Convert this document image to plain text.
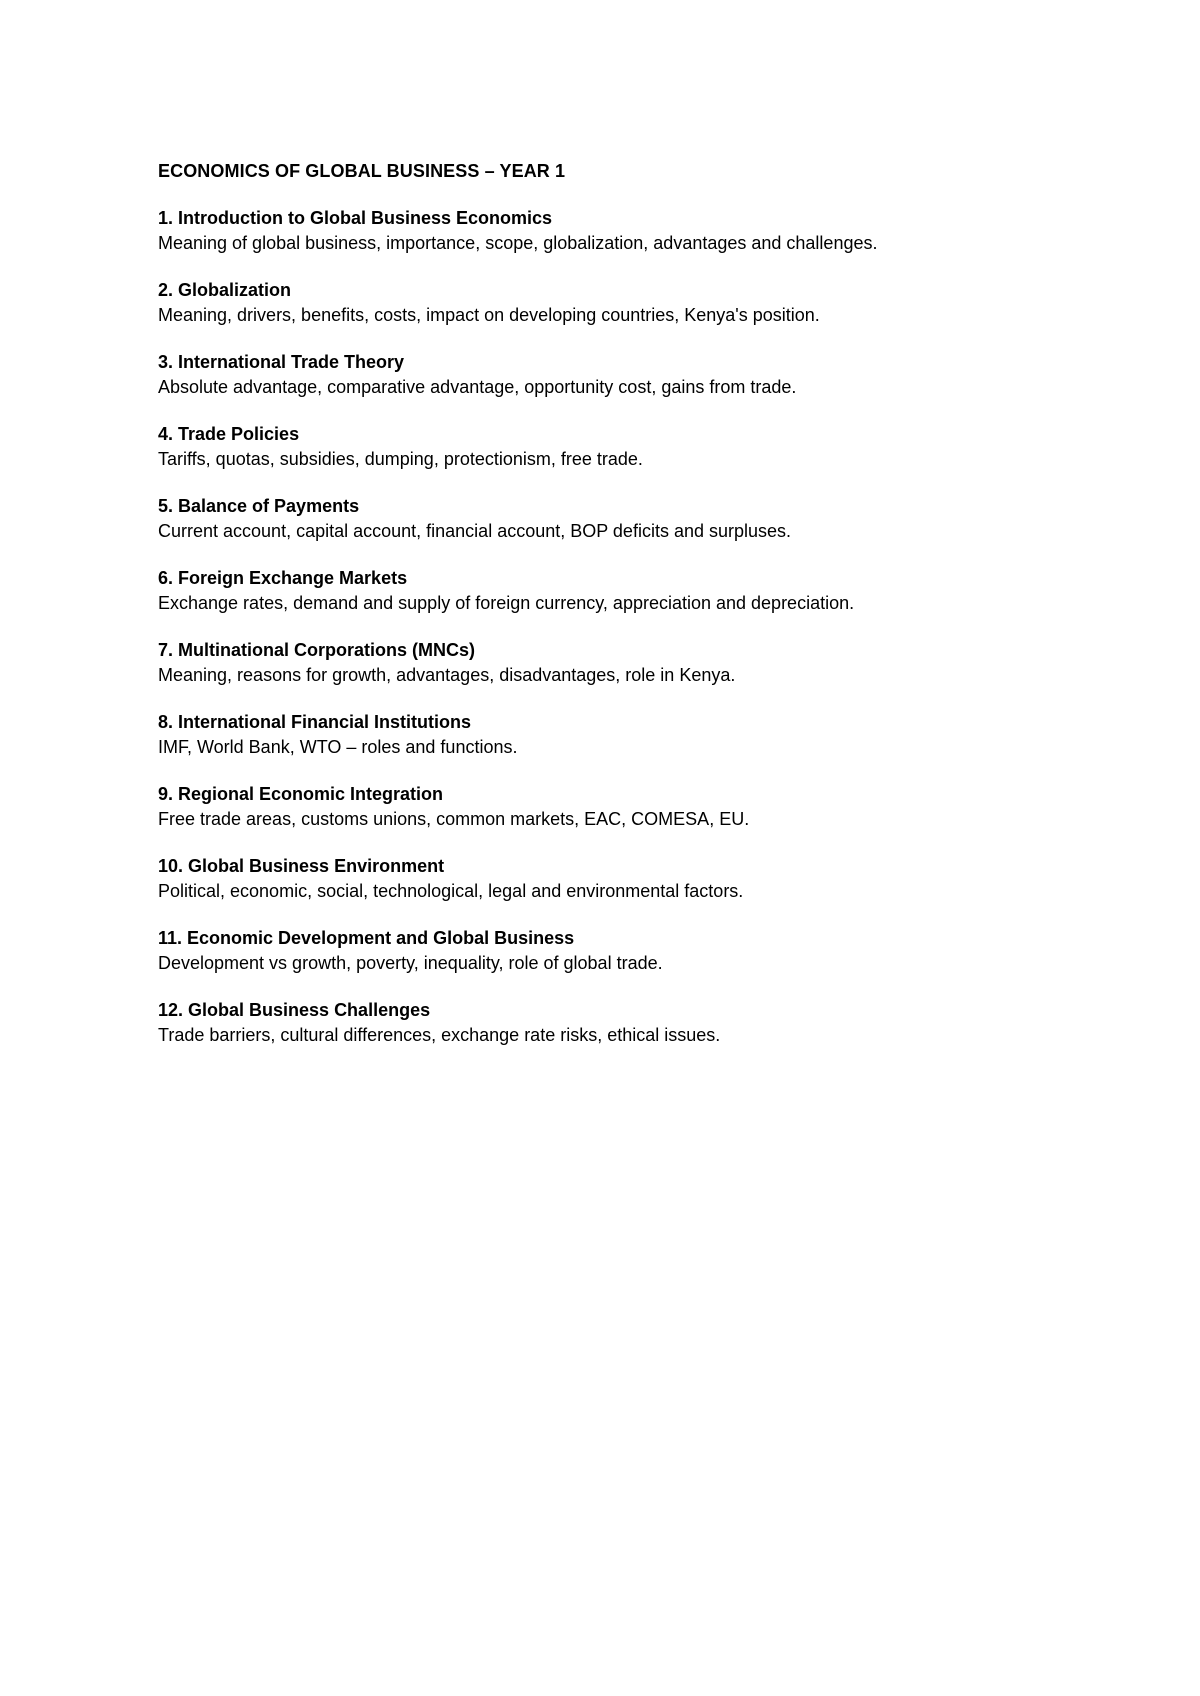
ECONOMICS OF GLOBAL BUSINESS – YEAR 1
1. Introduction to Global Business Economics
Meaning of global business, importance, scope, globalization, advantages and challenges.
2. Globalization
Meaning, drivers, benefits, costs, impact on developing countries, Kenya's position.
3. International Trade Theory
Absolute advantage, comparative advantage, opportunity cost, gains from trade.
4. Trade Policies
Tariffs, quotas, subsidies, dumping, protectionism, free trade.
5. Balance of Payments
Current account, capital account, financial account, BOP deficits and surpluses.
6. Foreign Exchange Markets
Exchange rates, demand and supply of foreign currency, appreciation and depreciation.
7. Multinational Corporations (MNCs)
Meaning, reasons for growth, advantages, disadvantages, role in Kenya.
8. International Financial Institutions
IMF, World Bank, WTO – roles and functions.
9. Regional Economic Integration
Free trade areas, customs unions, common markets, EAC, COMESA, EU.
10. Global Business Environment
Political, economic, social, technological, legal and environmental factors.
11. Economic Development and Global Business
Development vs growth, poverty, inequality, role of global trade.
12. Global Business Challenges
Trade barriers, cultural differences, exchange rate risks, ethical issues.
